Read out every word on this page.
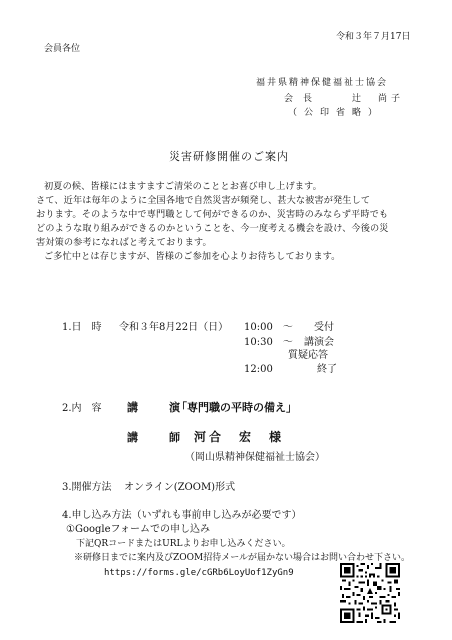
令和３年７月17日
会員各位
福井県精神保健福祉士協会
会長	辻　尚子
（公印省略）
災害研修開催のご案内
初夏の候、皆様にはますますご清栄のこととお喜び申し上げます。
さて、近年は毎年のように全国各地で自然災害が頻発し、甚大な被害が発生して
おります。そのような中で専門職として何ができるのか、災害時のみならず平時でも
どのような取り組みができるのかということを、今一度考える機会を設け、今後の災
害対策の参考になればと考えております。
ご多忙中とは存じますが、皆様のご参加を心よりお待ちしております。
1.日　時 令和３年8月22日（日） 10:00　～ 受付
10:30　～ 講演会
質疑応答
12:00	終了
2.内　容 講　　演
「専門職の平時の備え」
講　　師 河合　宏　様
（岡山県精神保健福祉士協会）
3.開催方法 オンライン(ZOOM)形式
4.申し込み方法（いずれも事前申し込みが必要です）
①Googleフォームでの申し込み
下記QRコードまたはURLよりお申し込みください。
※研修日までに案内及びZOOM招待メールが届かない場合はお問い合わせ下さい。
https://forms.gle/cGRb6LoyUof1ZyGn9
